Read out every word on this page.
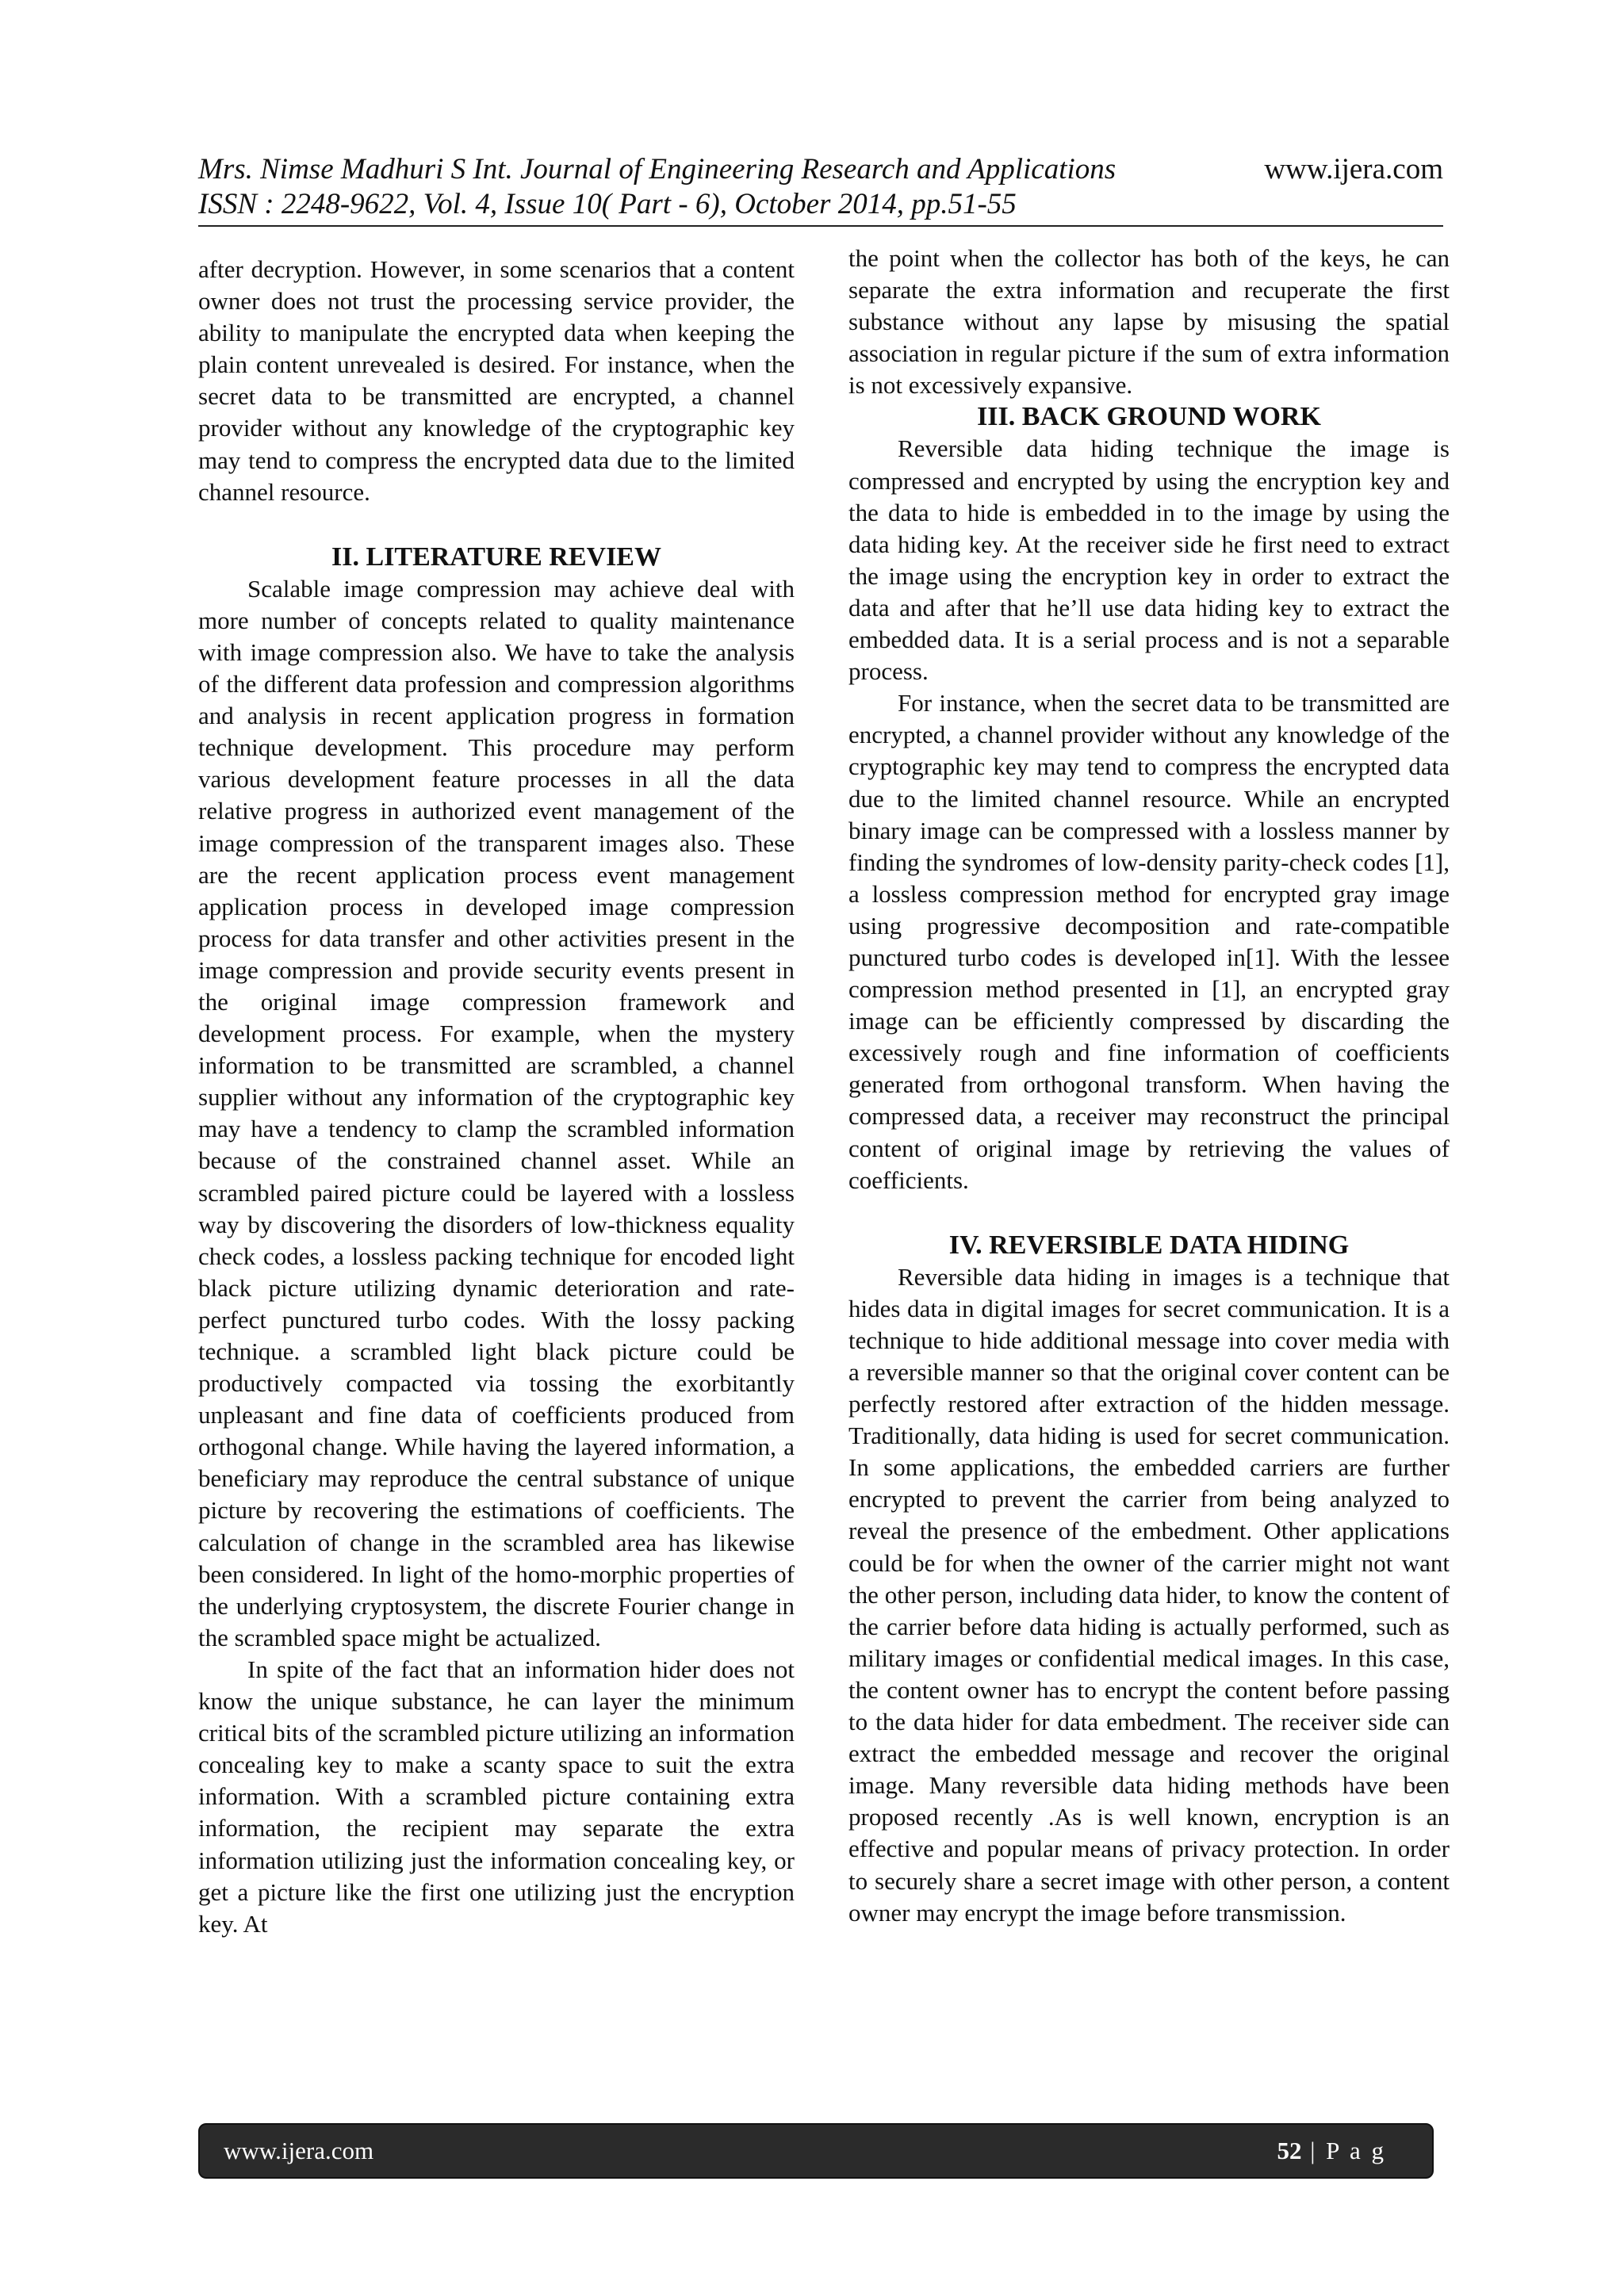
Mrs. Nimse Madhuri S Int. Journal of Engineering Research and Applications	www.ijera.com
ISSN : 2248-9622, Vol. 4, Issue 10( Part - 6), October 2014, pp.51-55

after decryption. However, in some scenarios that a content owner does not trust the processing service provider, the ability to manipulate the encrypted data when keeping the plain content unrevealed is desired. For instance, when the secret data to be transmitted are encrypted, a channel provider without any knowledge of the cryptographic key may tend to compress the encrypted data due to the limited channel resource.

II. LITERATURE REVIEW

Scalable image compression may achieve deal with more number of concepts related to quality maintenance with image compression also. We have to take the analysis of the different data profession and compression algorithms and analysis in recent application progress in formation technique development. This procedure may perform various development feature processes in all the data relative progress in authorized event management of the image compression of the transparent images also. These are the recent application process event management application process in developed image compression process for data transfer and other activities present in the image compression and provide security events present in the original image compression framework and development process. For example, when the mystery information to be transmitted are scrambled, a channel supplier without any information of the cryptographic key may have a tendency to clamp the scrambled information because of the constrained channel asset. While an scrambled paired picture could be layered with a lossless way by discovering the disorders of low-thickness equality check codes, a lossless packing technique for encoded light black picture utilizing dynamic deterioration and rate-perfect punctured turbo codes. With the lossy packing technique. a scrambled light black picture could be productively compacted via tossing the exorbitantly unpleasant and fine data of coefficients produced from orthogonal change. While having the layered information, a beneficiary may reproduce the central substance of unique picture by recovering the estimations of coefficients. The calculation of change in the scrambled area has likewise been considered. In light of the homo-morphic properties of the underlying cryptosystem, the discrete Fourier change in the scrambled space might be actualized.

In spite of the fact that an information hider does not know the unique substance, he can layer the minimum critical bits of the scrambled picture utilizing an information concealing key to make a scanty space to suit the extra information. With a scrambled picture containing extra information, the recipient may separate the extra information utilizing just the information concealing key, or get a picture like the first one utilizing just the encryption key. At

the point when the collector has both of the keys, he can separate the extra information and recuperate the first substance without any lapse by misusing the spatial association in regular picture if the sum of extra information is not excessively expansive.

III. BACK GROUND WORK

Reversible data hiding technique the image is compressed and encrypted by using the encryption key and the data to hide is embedded in to the image by using the data hiding key. At the receiver side he first need to extract the image using the encryption key in order to extract the data and after that he’ll use data hiding key to extract the embedded data. It is a serial process and is not a separable process.

For instance, when the secret data to be transmitted are encrypted, a channel provider without any knowledge of the cryptographic key may tend to compress the encrypted data due to the limited channel resource. While an encrypted binary image can be compressed with a lossless manner by finding the syndromes of low-density parity-check codes [1], a lossless compression method for encrypted gray image using progressive decomposition and rate-compatible punctured turbo codes is developed in[1]. With the lessee compression method presented in [1], an encrypted gray image can be efficiently compressed by discarding the excessively rough and fine information of coefficients generated from orthogonal transform. When having the compressed data, a receiver may reconstruct the principal content of original image by retrieving the values of coefficients.

IV. REVERSIBLE DATA HIDING

Reversible data hiding in images is a technique that hides data in digital images for secret communication. It is a technique to hide additional message into cover media with a reversible manner so that the original cover content can be perfectly restored after extraction of the hidden message. Traditionally, data hiding is used for secret communication. In some applications, the embedded carriers are further encrypted to prevent the carrier from being analyzed to reveal the presence of the embedment. Other applications could be for when the owner of the carrier might not want the other person, including data hider, to know the content of the carrier before data hiding is actually performed, such as military images or confidential medical images. In this case, the content owner has to encrypt the content before passing to the data hider for data embedment. The receiver side can extract the embedded message and recover the original image. Many reversible data hiding methods have been proposed recently .As is well known, encryption is an effective and popular means of privacy protection. In order to securely share a secret image with other person, a content owner may encrypt the image before transmission.

www.ijera.com	52 | P a g
